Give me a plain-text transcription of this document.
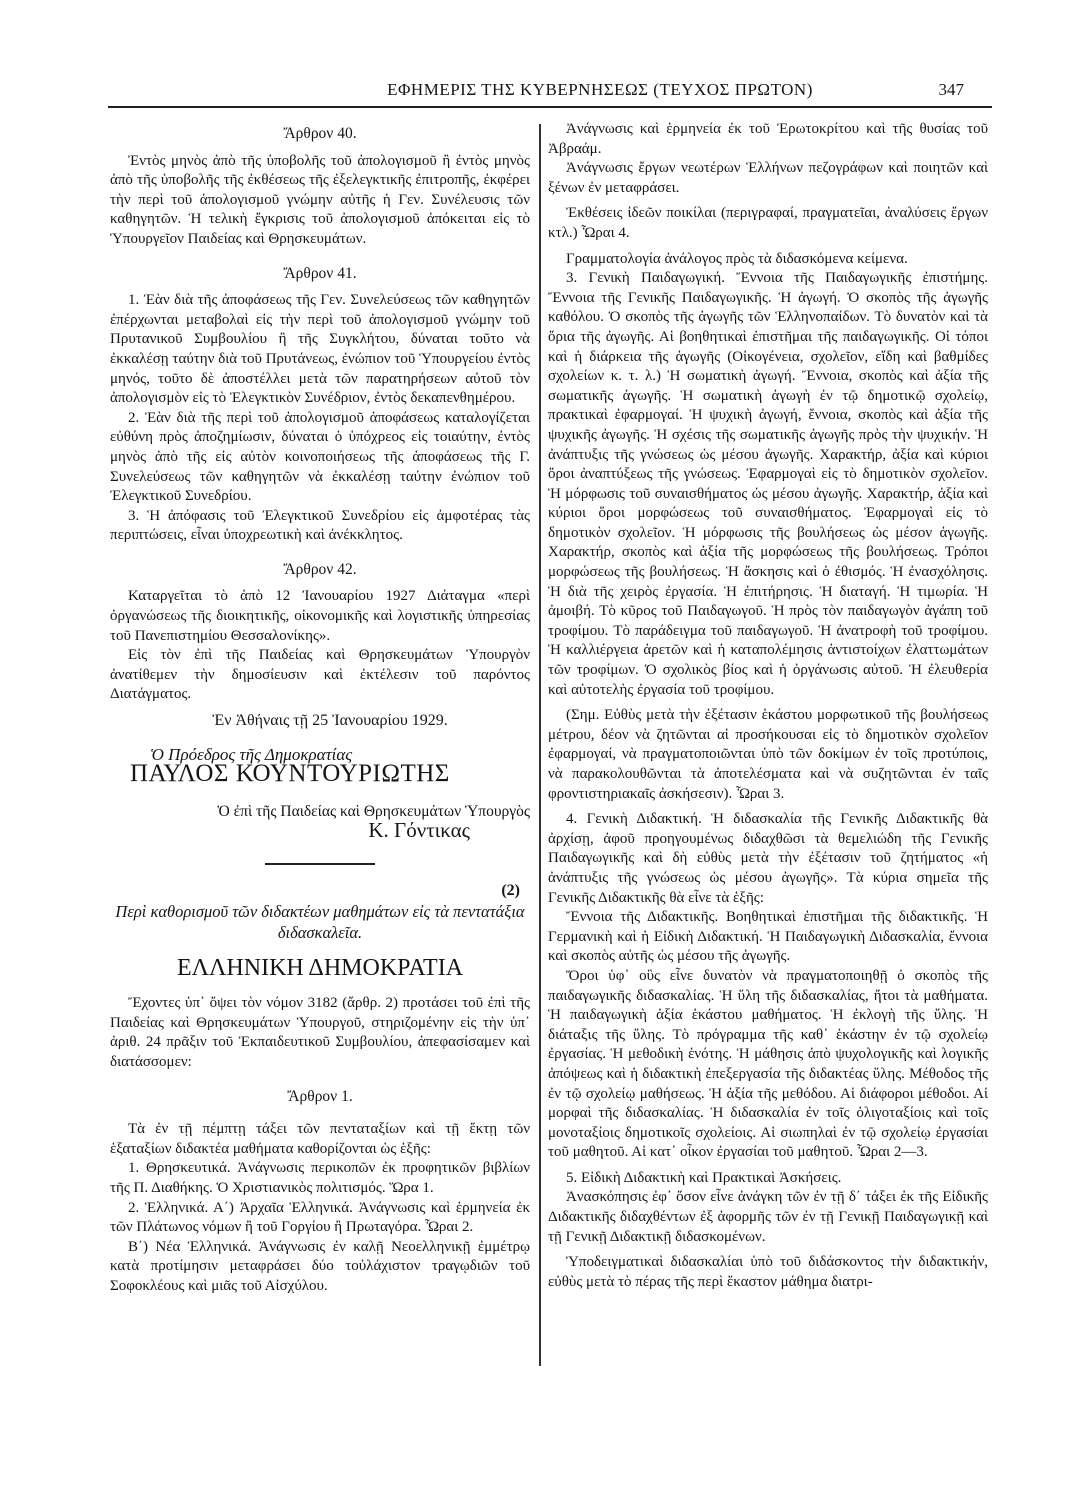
ΕΦΗΜΕΡΙΣ ΤΗΣ ΚΥΒΕΡΝΗΣΕΩΣ (ΤΕΥΧΟΣ ΠΡΩΤΟΝ)	347

Ἄρθρον 40.

Ἐντὸς μηνὸς ἀπὸ τῆς ὑποβολῆς τοῦ ἀπολογισμοῦ ἢ ἐντὸς μηνὸς ἀπὸ τῆς ὑποβολῆς τῆς ἐκθέσεως τῆς ἐξελεγκτικῆς ἐπιτροπῆς, ἐκφέρει τὴν περὶ τοῦ ἀπολογισμοῦ γνώμην αὐτῆς ἡ Γεν. Συνέλευσις τῶν καθηγητῶν. Ἡ τελικὴ ἔγκρισις τοῦ ἀπολογισμοῦ ἀπόκειται εἰς τὸ Ὑπουργεῖον Παιδείας καὶ Θρησκευμάτων.

Ἄρθρον 41.

1. Ἐὰν διὰ τῆς ἀποφάσεως τῆς Γεν. Συνελεύσεως τῶν καθηγητῶν ἐπέρχωνται μεταβολαὶ εἰς τὴν περὶ τοῦ ἀπολογισμοῦ γνώμην τοῦ Πρυτανικοῦ Συμβουλίου ἢ τῆς Συγκλήτου, δύναται τοῦτο νὰ ἐκκαλέσῃ ταύτην διὰ τοῦ Πρυτάνεως, ἐνώπιον τοῦ Ὑπουργείου ἐντὸς μηνός, τοῦτο δὲ ἀποστέλλει μετὰ τῶν παρατηρήσεων αὐτοῦ τὸν ἀπολογισμὸν εἰς τὸ Ἐλεγκτικὸν Συνέδριον, ἐντὸς δεκαπενθημέρου.

2. Ἐὰν διὰ τῆς περὶ τοῦ ἀπολογισμοῦ ἀποφάσεως καταλογίζεται εὐθύνη πρὸς ἀποζημίωσιν, δύναται ὁ ὑπόχρεος εἰς τοιαύτην, ἐντὸς μηνὸς ἀπὸ τῆς εἰς αὐτὸν κοινοποιήσεως τῆς ἀποφάσεως τῆς Γ. Συνελεύσεως τῶν καθηγητῶν νὰ ἐκκαλέσῃ ταύτην ἐνώπιον τοῦ Ἐλεγκτικοῦ Συνεδρίου.

3. Ἡ ἀπόφασις τοῦ Ἐλεγκτικοῦ Συνεδρίου εἰς ἀμφοτέρας τὰς περιπτώσεις, εἶναι ὑποχρεωτικὴ καὶ ἀνέκκλητος.

Ἄρθρον 42.

Καταργεῖται τὸ ἀπὸ 12 Ἰανουαρίου 1927 Διάταγμα «περὶ ὀργανώσεως τῆς διοικητικῆς, οἰκονομικῆς καὶ λογιστικῆς ὑπηρεσίας τοῦ Πανεπιστημίου Θεσσαλονίκης».

Εἰς τὸν ἐπὶ τῆς Παιδείας καὶ Θρησκευμάτων Ὑπουργὸν ἀνατίθεμεν τὴν δημοσίευσιν καὶ ἐκτέλεσιν τοῦ παρόντος Διατάγματος.

Ἐν Ἀθήναις τῇ 25 Ἰανουαρίου 1929.

Ὁ Πρόεδρος τῆς Δημοκρατίας

ΠΑΥΛΟΣ ΚΟΥΝΤΟΥΡΙΩΤΗΣ

Ὁ ἐπὶ τῆς Παιδείας καὶ Θρησκευμάτων Ὑπουργὸς

Κ. Γόντικας

(2)

Περὶ καθορισμοῦ τῶν διδακτέων μαθημάτων εἰς τὰ πεντατάξια διδασκαλεῖα.

ΕΛΛΗΝΙΚΗ ΔΗΜΟΚΡΑΤΙΑ

Ἔχοντες ὑπ᾽ ὄψει τὸν νόμον 3182 (ἄρθρ. 2) προτάσει τοῦ ἐπὶ τῆς Παιδείας καὶ Θρησκευμάτων Ὑπουργοῦ, στηριζομένην εἰς τὴν ὑπ᾽ ἀριθ. 24 πρᾶξιν τοῦ Ἐκπαιδευτικοῦ Συμβουλίου, ἀπεφασίσαμεν καὶ διατάσσομεν:

Ἄρθρον 1.

Τὰ ἐν τῇ πέμπτῃ τάξει τῶν πενταταξίων καὶ τῇ ἕκτῃ τῶν ἑξαταξίων διδακτέα μαθήματα καθορίζονται ὡς ἑξῆς:

1. Θρησκευτικά. Ἀνάγνωσις περικοπῶν ἐκ προφητικῶν βιβλίων τῆς Π. Διαθήκης. Ὁ Χριστιανικὸς πολιτισμός. Ὥρα 1.

2. Ἑλληνικά. Α΄) Ἀρχαῖα Ἑλληνικά. Ἀνάγνωσις καὶ ἑρμηνεία ἐκ τῶν Πλάτωνος νόμων ἢ τοῦ Γοργίου ἢ Πρωταγόρα. Ὧραι 2.

Β΄) Νέα Ἑλληνικά. Ἀνάγνωσις ἐν καλῇ Νεοελληνικῇ ἐμμέτρῳ κατὰ προτίμησιν μεταφράσει δύο τοὐλάχιστον τραγῳδιῶν τοῦ Σοφοκλέους καὶ μιᾶς τοῦ Αἰσχύλου.

Ἀνάγνωσις καὶ ἑρμηνεία ἐκ τοῦ Ἐρωτοκρίτου καὶ τῆς θυσίας τοῦ Ἀβραάμ.

Ἀνάγνωσις ἔργων νεωτέρων Ἑλλήνων πεζογράφων καὶ ποιητῶν καὶ ξένων ἐν μεταφράσει.

Ἐκθέσεις ἰδεῶν ποικίλαι (περιγραφαί, πραγματεῖαι, ἀναλύσεις ἔργων κτλ.) Ὧραι 4.

Γραμματολογία ἀνάλογος πρὸς τὰ διδασκόμενα κείμενα.

3. Γενικὴ Παιδαγωγική. Ἔννοια τῆς Παιδαγωγικῆς ἐπιστήμης. Ἔννοια τῆς Γενικῆς Παιδαγωγικῆς. Ἡ ἀγωγή. Ὁ σκοπὸς τῆς ἀγωγῆς καθόλου. Ὁ σκοπὸς τῆς ἀγωγῆς τῶν Ἑλληνοπαίδων. Τὸ δυνατὸν καὶ τὰ ὅρια τῆς ἀγωγῆς. Αἱ βοηθητικαὶ ἐπιστῆμαι τῆς παιδαγωγικῆς. Οἱ τόποι καὶ ἡ διάρκεια τῆς ἀγωγῆς (Οἰκογένεια, σχολεῖον, εἴδη καὶ βαθμίδες σχολείων κ. τ. λ.) Ἡ σωματικὴ ἀγωγή. Ἔννοια, σκοπὸς καὶ ἀξία τῆς σωματικῆς ἀγωγῆς. Ἡ σωματικὴ ἀγωγὴ ἐν τῷ δημοτικῷ σχολείῳ, πρακτικαὶ ἐφαρμογαί. Ἡ ψυχικὴ ἀγωγή, ἔννοια, σκοπὸς καὶ ἀξία τῆς ψυχικῆς ἀγωγῆς. Ἡ σχέσις τῆς σωματικῆς ἀγωγῆς πρὸς τὴν ψυχικήν. Ἡ ἀνάπτυξις τῆς γνώσεως ὡς μέσου ἀγωγῆς. Χαρακτήρ, ἀξία καὶ κύριοι ὅροι ἀναπτύξεως τῆς γνώσεως. Ἐφαρμογαὶ εἰς τὸ δημοτικὸν σχολεῖον. Ἡ μόρφωσις τοῦ συναισθήματος ὡς μέσου ἀγωγῆς. Χαρακτήρ, ἀξία καὶ κύριοι ὅροι μορφώσεως τοῦ συναισθήματος. Ἐφαρμογαὶ εἰς τὸ δημοτικὸν σχολεῖον. Ἡ μόρφωσις τῆς βουλήσεως ὡς μέσον ἀγωγῆς. Χαρακτήρ, σκοπὸς καὶ ἀξία τῆς μορφώσεως τῆς βουλήσεως. Τρόποι μορφώσεως τῆς βουλήσεως. Ἡ ἄσκησις καὶ ὁ ἐθισμός. Ἡ ἐνασχόλησις. Ἡ διὰ τῆς χειρὸς ἐργασία. Ἡ ἐπιτήρησις. Ἡ διαταγή. Ἡ τιμωρία. Ἡ ἀμοιβή. Τὸ κῦρος τοῦ Παιδαγωγοῦ. Ἡ πρὸς τὸν παιδαγωγὸν ἀγάπη τοῦ τροφίμου. Τὸ παράδειγμα τοῦ παιδαγωγοῦ. Ἡ ἀνατροφὴ τοῦ τροφίμου. Ἡ καλλιέργεια ἀρετῶν καὶ ἡ καταπολέμησις ἀντιστοίχων ἐλαττωμάτων τῶν τροφίμων. Ὁ σχολικὸς βίος καὶ ἡ ὀργάνωσις αὐτοῦ. Ἡ ἐλευθερία καὶ αὐτοτελὴς ἐργασία τοῦ τροφίμου.

(Σημ. Εὐθὺς μετὰ τὴν ἐξέτασιν ἑκάστου μορφωτικοῦ τῆς βουλήσεως μέτρου, δέον νὰ ζητῶνται αἱ προσήκουσαι εἰς τὸ δημοτικὸν σχολεῖον ἐφαρμογαί, νὰ πραγματοποιῶνται ὑπὸ τῶν δοκίμων ἐν τοῖς προτύποις, νὰ παρακολουθῶνται τὰ ἀποτελέσματα καὶ νὰ συζητῶνται ἐν ταῖς φροντιστηριακαῖς ἀσκήσεσιν). Ὧραι 3.

4. Γενικὴ Διδακτική. Ἡ διδασκαλία τῆς Γενικῆς Διδακτικῆς θὰ ἀρχίσῃ, ἀφοῦ προηγουμένως διδαχθῶσι τὰ θεμελιώδη τῆς Γενικῆς Παιδαγωγικῆς καὶ δὴ εὐθὺς μετὰ τὴν ἐξέτασιν τοῦ ζητήματος «ἡ ἀνάπτυξις τῆς γνώσεως ὡς μέσου ἀγωγῆς». Τὰ κύρια σημεῖα τῆς Γενικῆς Διδακτικῆς θὰ εἶνε τὰ ἑξῆς:

Ἔννοια τῆς Διδακτικῆς. Βοηθητικαὶ ἐπιστῆμαι τῆς διδακτικῆς. Ἡ Γερμανικὴ καὶ ἡ Εἰδικὴ Διδακτική. Ἡ Παιδαγωγικὴ Διδασκαλία, ἔννοια καὶ σκοπὸς αὐτῆς ὡς μέσου τῆς ἀγωγῆς.

Ὅροι ὑφ᾽ οὓς εἶνε δυνατὸν νὰ πραγματοποιηθῇ ὁ σκοπὸς τῆς παιδαγωγικῆς διδασκαλίας. Ἡ ὕλη τῆς διδασκαλίας, ἤτοι τὰ μαθήματα. Ἡ παιδαγωγικὴ ἀξία ἑκάστου μαθήματος. Ἡ ἐκλογὴ τῆς ὕλης. Ἡ διάταξις τῆς ὕλης. Τὸ πρόγραμμα τῆς καθ᾽ ἑκάστην ἐν τῷ σχολείῳ ἐργασίας. Ἡ μεθοδικὴ ἑνότης. Ἡ μάθησις ἀπὸ ψυχολογικῆς καὶ λογικῆς ἀπόψεως καὶ ἡ διδακτικὴ ἐπεξεργασία τῆς διδακτέας ὕλης. Μέθοδος τῆς ἐν τῷ σχολείῳ μαθήσεως. Ἡ ἀξία τῆς μεθόδου. Αἱ διάφοροι μέθοδοι. Αἱ μορφαὶ τῆς διδασκαλίας. Ἡ διδασκαλία ἐν τοῖς ὀλιγοταξίοις καὶ τοῖς μονοταξίοις δημοτικοῖς σχολείοις. Αἱ σιωπηλαὶ ἐν τῷ σχολείῳ ἐργασίαι τοῦ μαθητοῦ. Αἱ κατ᾽ οἶκον ἐργασίαι τοῦ μαθητοῦ. Ὧραι 2—3.

5. Εἰδικὴ Διδακτικὴ καὶ Πρακτικαὶ Ἀσκήσεις.

Ἀνασκόπησις ἐφ᾽ ὅσον εἶνε ἀνάγκη τῶν ἐν τῇ δ΄ τάξει ἐκ τῆς Εἰδικῆς Διδακτικῆς διδαχθέντων ἐξ ἀφορμῆς τῶν ἐν τῇ Γενικῇ Παιδαγωγικῇ καὶ τῇ Γενικῇ Διδακτικῇ διδασκομένων.

Ὑποδειγματικαὶ διδασκαλίαι ὑπὸ τοῦ διδάσκοντος τὴν διδακτικήν, εὐθὺς μετὰ τὸ πέρας τῆς περὶ ἕκαστον μάθημα διατρι-
